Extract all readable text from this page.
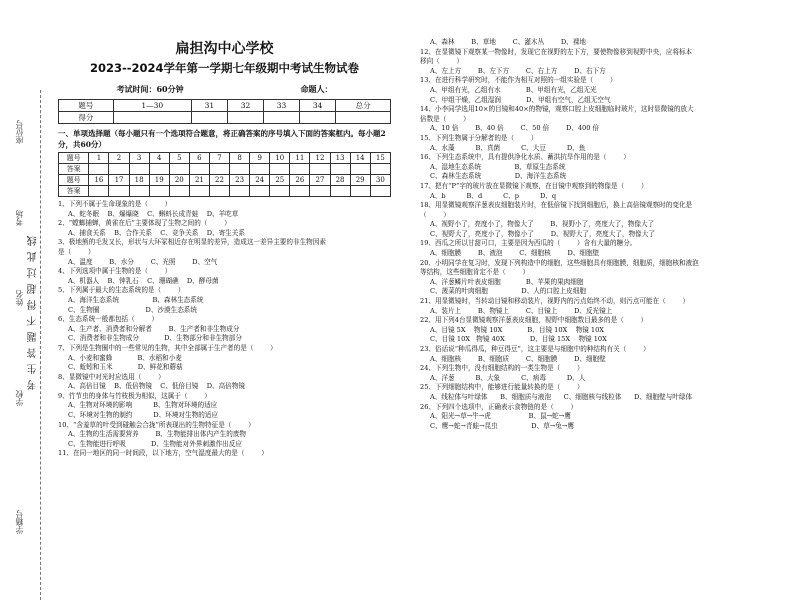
座位号
考场
姓名
学校
学籍号
考生答题不得超过此线
扁担沟中心学校
2023--2024学年第一学期七年级期中考试生物试卷
考试时间：60分钟	命题人：
题号	1—30	31	32	33	34	总分
得分						
一、单项选择题（每小题只有一个选项符合题意，将正确答案的序号填入下面的答案框内。每小题2分，共60分）
题号	1	2	3	4	5	6	7	8	9	10	11	12	13	14	15
答案															
题号	16	17	18	19	20	21	22	23	24	25	26	27	28	29	30
答案															

1、下列不属于生命现象的是（        ）

A、蛇冬眠    B、爆爆晓    C、蝌蚪长成青蛙    D、羊吃草

2、“螳螂捕蝉，黄雀在后”主要体现了生物之间的（        ）

A、捕食关系    B、合作关系    C、竞争关系    D、寄生关系

3、极地熊的毛发又长，形状与大环冢相近存在明显的差异，造成这一差异主要的非生物因素

是（        ）

A、温度        B、水分        C、光照        D、空气

4、下列选项中属于生物的是（        ）

A、机器人    B、钟乳石    C、珊瑚礁    D、酵母菌

5、下列属于最大的生态系统的是（        ）

A、海洋生态系统                B、森林生态系统

C、生物圈                      D、沙漠生态系统

6、生态系统一般都包括（        ）

A、生产者、消费者和分解者        B、生产者和非生物成分

C、消费者和非生物成分            D、生物部分和非生物部分

7、下列是生物圈中的一些常见的生物，其中全部属于生产者的是（        ）

A、小麦和蜜蜂            B、水稻和小麦

C、蚯蚓和玉米            D、鲜花和蘑菇

8、显微镜中对光时应选用（        ）

A、高倍目镜    B、低倍物镜    C、低倍目镜    D、高倍物镜

9、竹节虫的身体与竹枝极为相似，这属于（        ）

A、生物对环境的影响          B、生物对环境的适应

C、环境对生物的制约          D、环境对生物的适应

10、“含羞草的叶受到碰触会合拢”所表现出的生物特征是（        ）

A、生物的生活需要营养        B、生物能排出体内产生的废物

C、生物能进行呼吸            D、生物能对外界刺激作出反应

11、在同一地区的同一时间段，以下地方，空气湿度最大的是（        ）

A、森林        B、草地        C、灌木丛        D、裸地

12、在显微镜下观察某一物像时，发现它在视野的左下方，要使物像移到视野中央，应将标本

移向（        ）

A、左上方        B、左下方        C、右上方        D、右下方

13、在进行科学研究时，不能作为相互对照的一组实验是（        ）

A、甲组有光，乙组有水            B、甲组有光，乙组无光

C、甲组干燥，乙组湿润            D、甲组有空气，乙组无空气

14、小李同学选用10×的目镜和40×的物镜，观察口腔上皮细胞临时玻片，这时显微镜的放大

倍数是（        ）

A、10 倍        B、40 倍        C、50 倍        D、400 倍

15、下列生物属于分解者的是（        ）

A、水藻          B、真菌          C、大豆          D、鱼

16、下列生态系统中，具有提供净化水质、蓄洪抗旱作用的是（        ）

A、湿地生态系统                B、草原生态系统

C、森林生态系统                D、海洋生态系统

17、把有“P”字的玻片放在显微镜下观察，在目镜中观察到的物像是（        ）

A、b          B、d          C、p          D、q

18、用显微镜观察洋葱表皮细胞装片时，在低倍镜下找到细胞后，换上高倍镜观察时的变化是

（        ）

A、视野小了，亮度小了，物像大了        B、视野小了，亮度大了，物像大了

C、视野大了，亮度小了，物像小了        D、视野大了，亮度大了，物像大了

19、西瓜之所以甘甜可口，主要是因为西瓜的（        ）含有大量的糖分。

A、细胞膜        B、液泡        C、细胞核        D、细胞壁

20、小明同学在复习时，发现下列构造中的细胞，这些细胞具有细胞膜，细胞质，细胞核和液泡

等结构，这些细胞肯定不是（        ）

A、洋葱鳞片叶表皮细胞            B、苹果的果肉细胞

C、菠菜的叶肉细胞                D、人的口腔上皮细胞

21、用显微镜时，当转动目镜和移动装片，视野内的污点始终不动，则污点可能在（        ）

A、装片上        B、物镜上        C、目镜上        D、反光镜上

22、用下列4台显微镜观察洋葱表皮细胞，视野中细胞数目最多的是（        ）

A、目镜 5X    物镜 10X            B、目镜 10X    物镜 10X

C、目镜 10X   物镜 40X            D、目镜 15X    物镜 10X

23、俗话说“种瓜得瓜，种豆得豆”，这主要是与细胞中的种结构有关（        ）

A、细胞核        B、细胞质        C、细胞膜        D、细胞壁

24、下列生物中，没有细胞结构的一类生物是（        ）

A、洋葱          B、大象          C、病毒          D、人

25、下列细胞结构中，能够进行能量转换的是（        ）

A、线粒体与叶绿体      B、细胞质与液泡      C、细胞核与线粒体      D、细胞壁与叶绿体

26、下列四个选项中，正确表示食物链的是（        ）

A、阳光→草→牛→虎                  B、鼠→蛇→鹰

C、鹰→蛇→青蛙→昆虫                D、草→兔→鹰
